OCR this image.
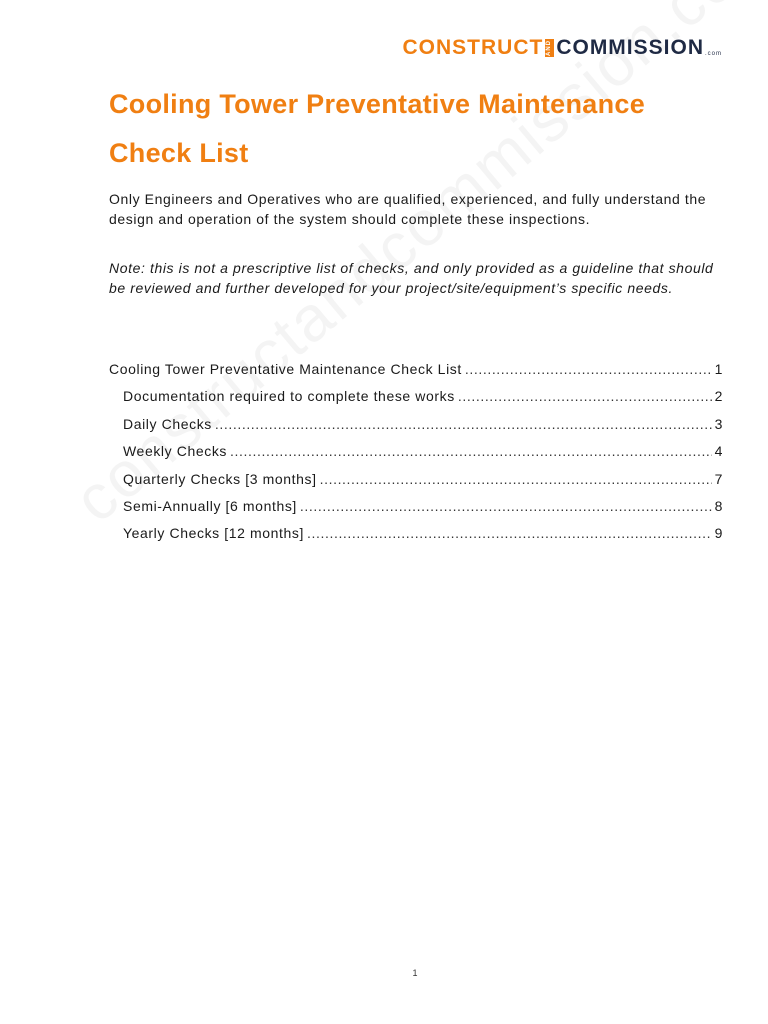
CONSTRUCT AND COMMISSION .com
Cooling Tower Preventative Maintenance Check List

Only Engineers and Operatives who are qualified, experienced, and fully understand the design and operation of the system should complete these inspections.

Note: this is not a prescriptive list of checks, and only provided as a guideline that should be reviewed and further developed for your project/site/equipment’s specific needs.

Cooling Tower Preventative Maintenance Check List .....	1
Documentation required to complete these works .....	2
Daily Checks .....	3
Weekly Checks .....	4
Quarterly Checks [3 months] .....	7
Semi-Annually [6 months] .....	8
Yearly Checks [12 months] .....	9
1
